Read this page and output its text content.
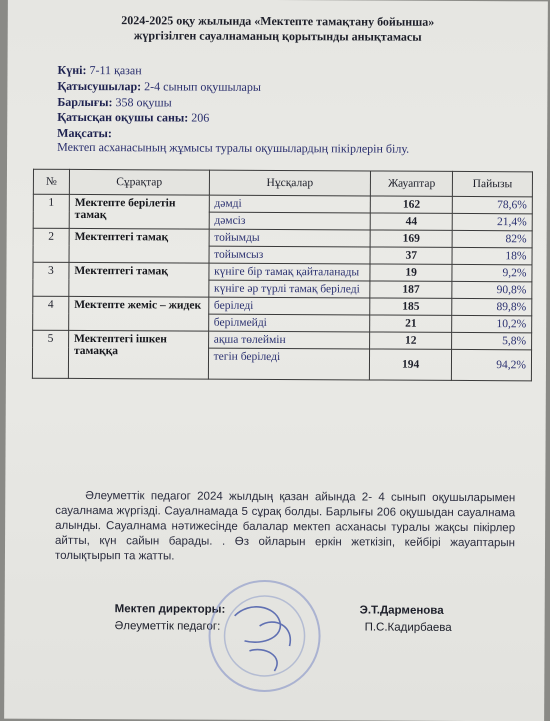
2024-2025 оқу жылында «Мектепте тамақтану бойынша»
жүргізілген сауалнаманың қорытынды анықтамасы
Күні: 7-11 қазан
Қатысушылар: 2-4 сынып оқушылары
Барлығы: 358 оқушы
Қатысқан оқушы саны: 206
Мақсаты:
Мектеп асханасының жұмысы туралы оқушылардың пікірлерін білу.
№	Сұрақтар	Нұсқалар	Жауаптар	Пайызы
1	Мектепте берілетін тамақ	дәмді	162	78,6%
		дәмсіз	44	21,4%
2	Мектептегі тамақ	тойымды	169	82%
		тойымсыз	37	18%
3	Мектептегі тамақ	күнігe бір тамақ қайталанады	19	9,2%
		күнігe әр түрлі тамақ беріледі	187	90,8%
4	Мектепте жеміс – жидек	беріледі	185	89,8%
		берілмейді	21	10,2%
5	Мектептегі ішкен тамаққа	ақша төлеймін	12	5,8%
		тегін беріледі	194	94,2%
Әлеуметтік педагог 2024 жылдың қазан айында 2- 4 сынып оқушыларымен сауалнама жүргізді. Сауалнамада 5 сұрақ болды. Барлығы 206 оқушыдан сауалнама алынды. Сауалнама нәтижесінде балалар мектеп асханасы туралы жақсы пікірлер айтты, күн сайын барады. . Өз ойларын еркін жеткізіп, кейбірі жауаптарын толықтырып та жатты.
Мектеп директоры:
Әлеуметтік педагог:
Э.Т.Дарменова
П.С.Кадирбаева
